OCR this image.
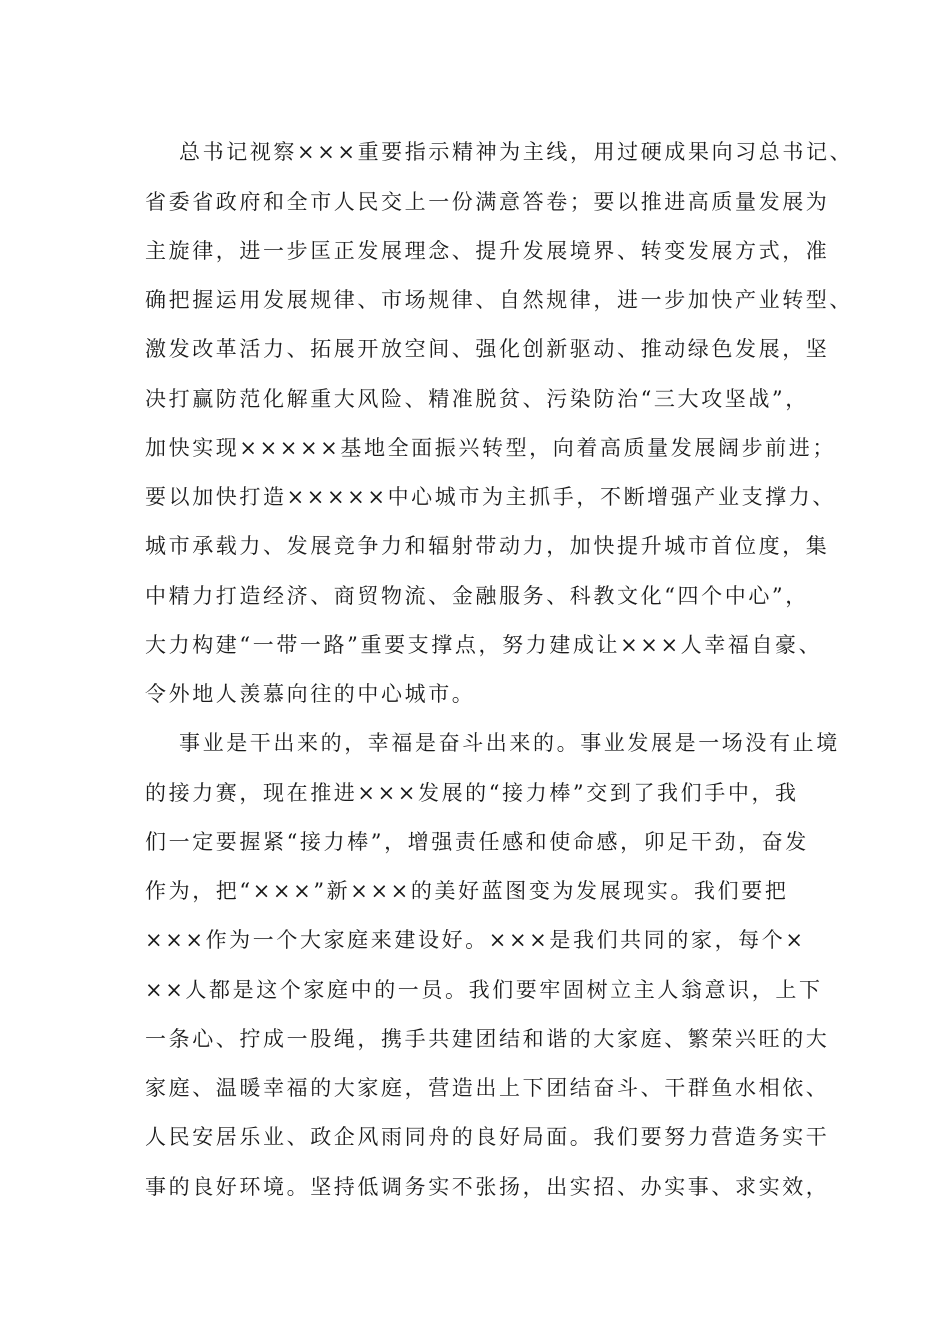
总书记视察×××重要指示精神为主线，用过硬成果向习总书记、
省委省政府和全市人民交上一份满意答卷；要以推进高质量发展为
主旋律，进一步匡正发展理念、提升发展境界、转变发展方式，准
确把握运用发展规律、市场规律、自然规律，进一步加快产业转型、
激发改革活力、拓展开放空间、强化创新驱动、推动绿色发展，坚
决打赢防范化解重大风险、精准脱贫、污染防治“三大攻坚战”，
加快实现×××××基地全面振兴转型，向着高质量发展阔步前进；
要以加快打造×××××中心城市为主抓手，不断增强产业支撑力、
城市承载力、发展竞争力和辐射带动力，加快提升城市首位度，集
中精力打造经济、商贸物流、金融服务、科教文化“四个中心”，
大力构建“一带一路”重要支撑点，努力建成让×××人幸福自豪、
令外地人羡慕向往的中心城市。
事业是干出来的，幸福是奋斗出来的。事业发展是一场没有止境
的接力赛，现在推进×××发展的“接力棒”交到了我们手中，我
们一定要握紧“接力棒”，增强责任感和使命感，卯足干劲，奋发
作为，把“×××”新×××的美好蓝图变为发展现实。我们要把
×××作为一个大家庭来建设好。×××是我们共同的家，每个×
××人都是这个家庭中的一员。我们要牢固树立主人翁意识，上下
一条心、拧成一股绳，携手共建团结和谐的大家庭、繁荣兴旺的大
家庭、温暖幸福的大家庭，营造出上下团结奋斗、干群鱼水相依、
人民安居乐业、政企风雨同舟的良好局面。我们要努力营造务实干
事的良好环境。坚持低调务实不张扬，出实招、办实事、求实效，
